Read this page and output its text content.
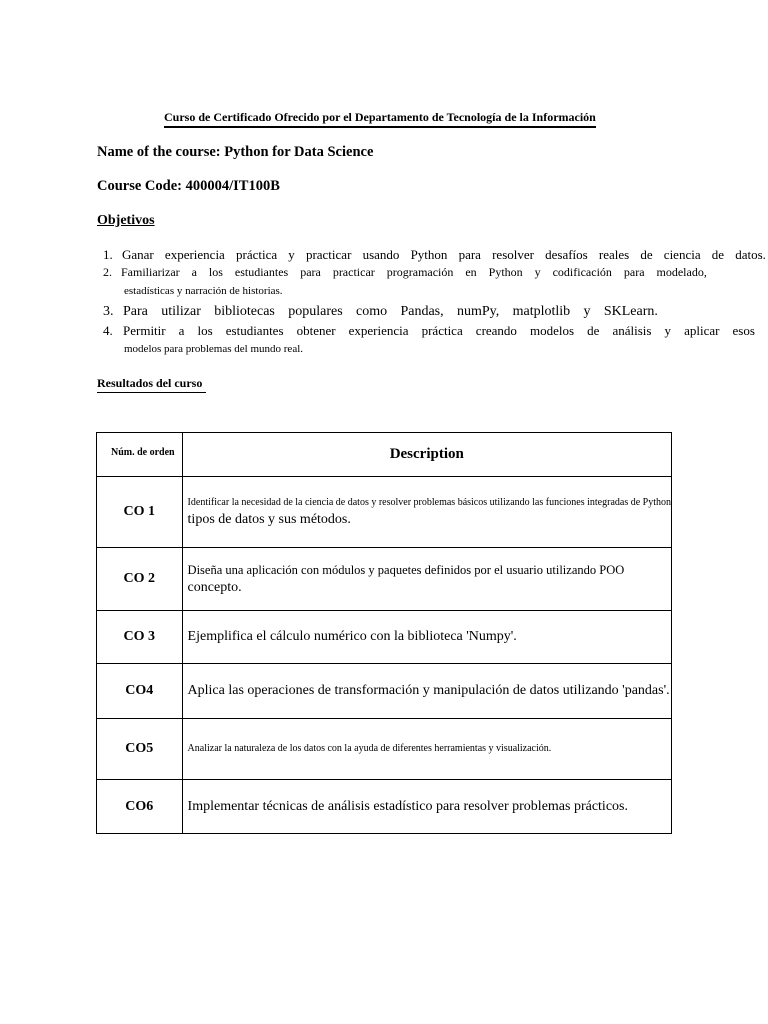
Curso de Certificado Ofrecido por el Departamento de Tecnología de la Información
Name of the course: Python for Data Science
Course Code: 400004/IT100B
Objetivos
1. Ganar experiencia práctica y practicar usando Python para resolver desafíos reales de ciencia de datos.
2. Familiarizar a los estudiantes para practicar programación en Python y codificación para modelado,
estadísticas y narración de historias.
3. Para utilizar bibliotecas populares como Pandas, numPy, matplotlib y SKLearn.
4. Permitir a los estudiantes obtener experiencia práctica creando modelos de análisis y aplicar esos
modelos para problemas del mundo real.
Resultados del curso
Núm. de orden	Description
CO 1	Identificar la necesidad de la ciencia de datos y resolver problemas básicos utilizando las funciones integradas de Python
tipos de datos y sus métodos.

CO 2	Diseña una aplicación con módulos y paquetes definidos por el usuario utilizando POO
concepto.

CO 3	Ejemplifica el cálculo numérico con la biblioteca 'Numpy'.

CO4	Aplica las operaciones de transformación y manipulación de datos utilizando 'pandas'.

CO5	Analizar la naturaleza de los datos con la ayuda de diferentes herramientas y visualización.

CO6	Implementar técnicas de análisis estadístico para resolver problemas prácticos.
